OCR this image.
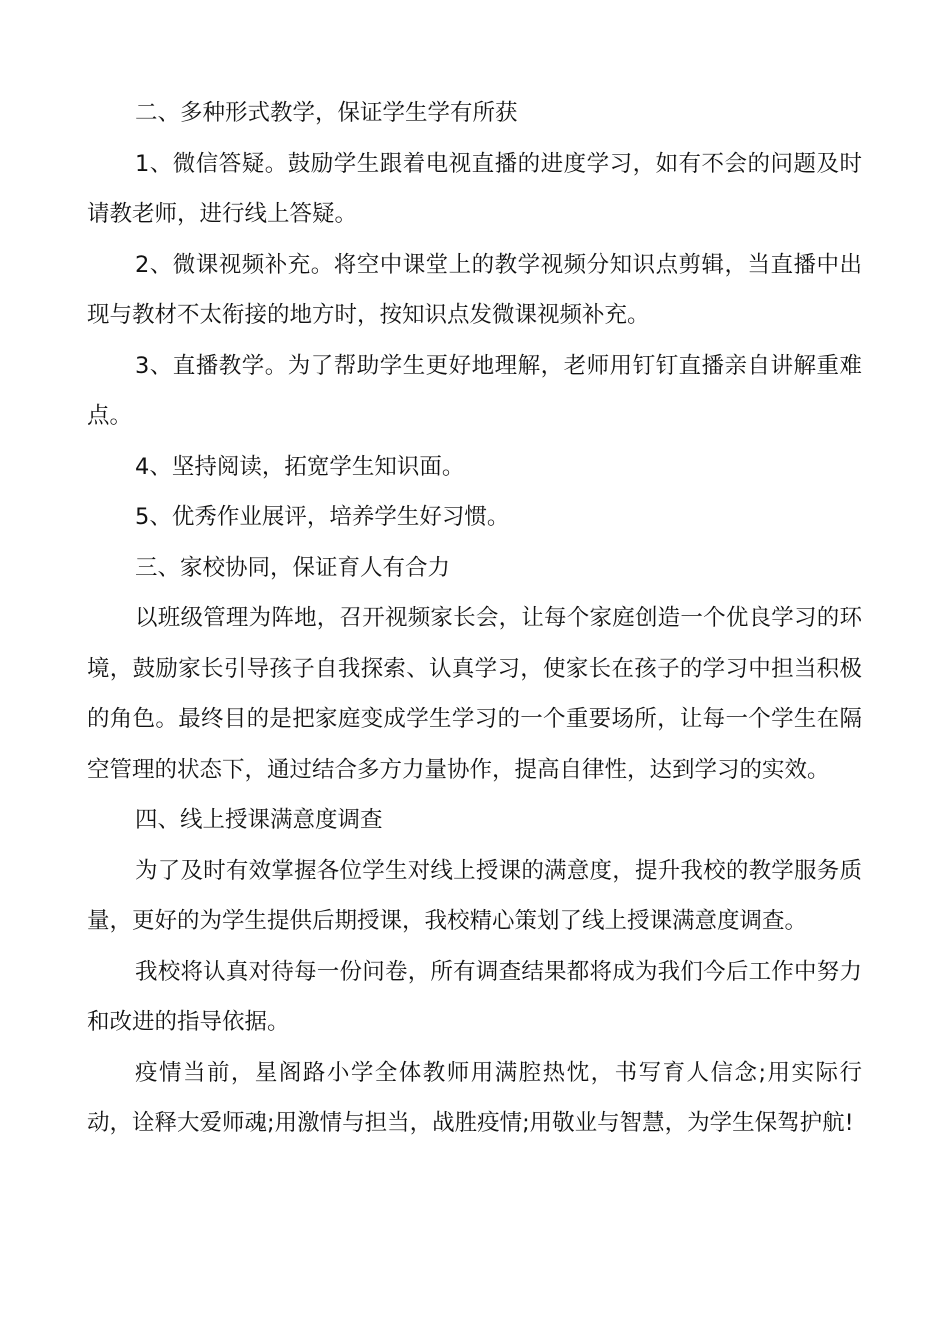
二、多种形式教学，保证学生学有所获

1、微信答疑。鼓励学生跟着电视直播的进度学习，如有不会的问题及时请教老师，进行线上答疑。

2、微课视频补充。将空中课堂上的教学视频分知识点剪辑，当直播中出现与教材不太衔接的地方时，按知识点发微课视频补充。

3、直播教学。为了帮助学生更好地理解，老师用钉钉直播亲自讲解重难点。

4、坚持阅读，拓宽学生知识面。

5、优秀作业展评，培养学生好习惯。

三、家校协同，保证育人有合力

以班级管理为阵地，召开视频家长会，让每个家庭创造一个优良学习的环境，鼓励家长引导孩子自我探索、认真学习，使家长在孩子的学习中担当积极的角色。最终目的是把家庭变成学生学习的一个重要场所，让每一个学生在隔空管理的状态下，通过结合多方力量协作，提高自律性，达到学习的实效。

四、线上授课满意度调查

为了及时有效掌握各位学生对线上授课的满意度，提升我校的教学服务质量，更好的为学生提供后期授课，我校精心策划了线上授课满意度调查。

我校将认真对待每一份问卷，所有调查结果都将成为我们今后工作中努力和改进的指导依据。

疫情当前，星阁路小学全体教师用满腔热忱，书写育人信念;用实际行动，诠释大爱师魂;用激情与担当，战胜疫情;用敬业与智慧，为学生保驾护航!
